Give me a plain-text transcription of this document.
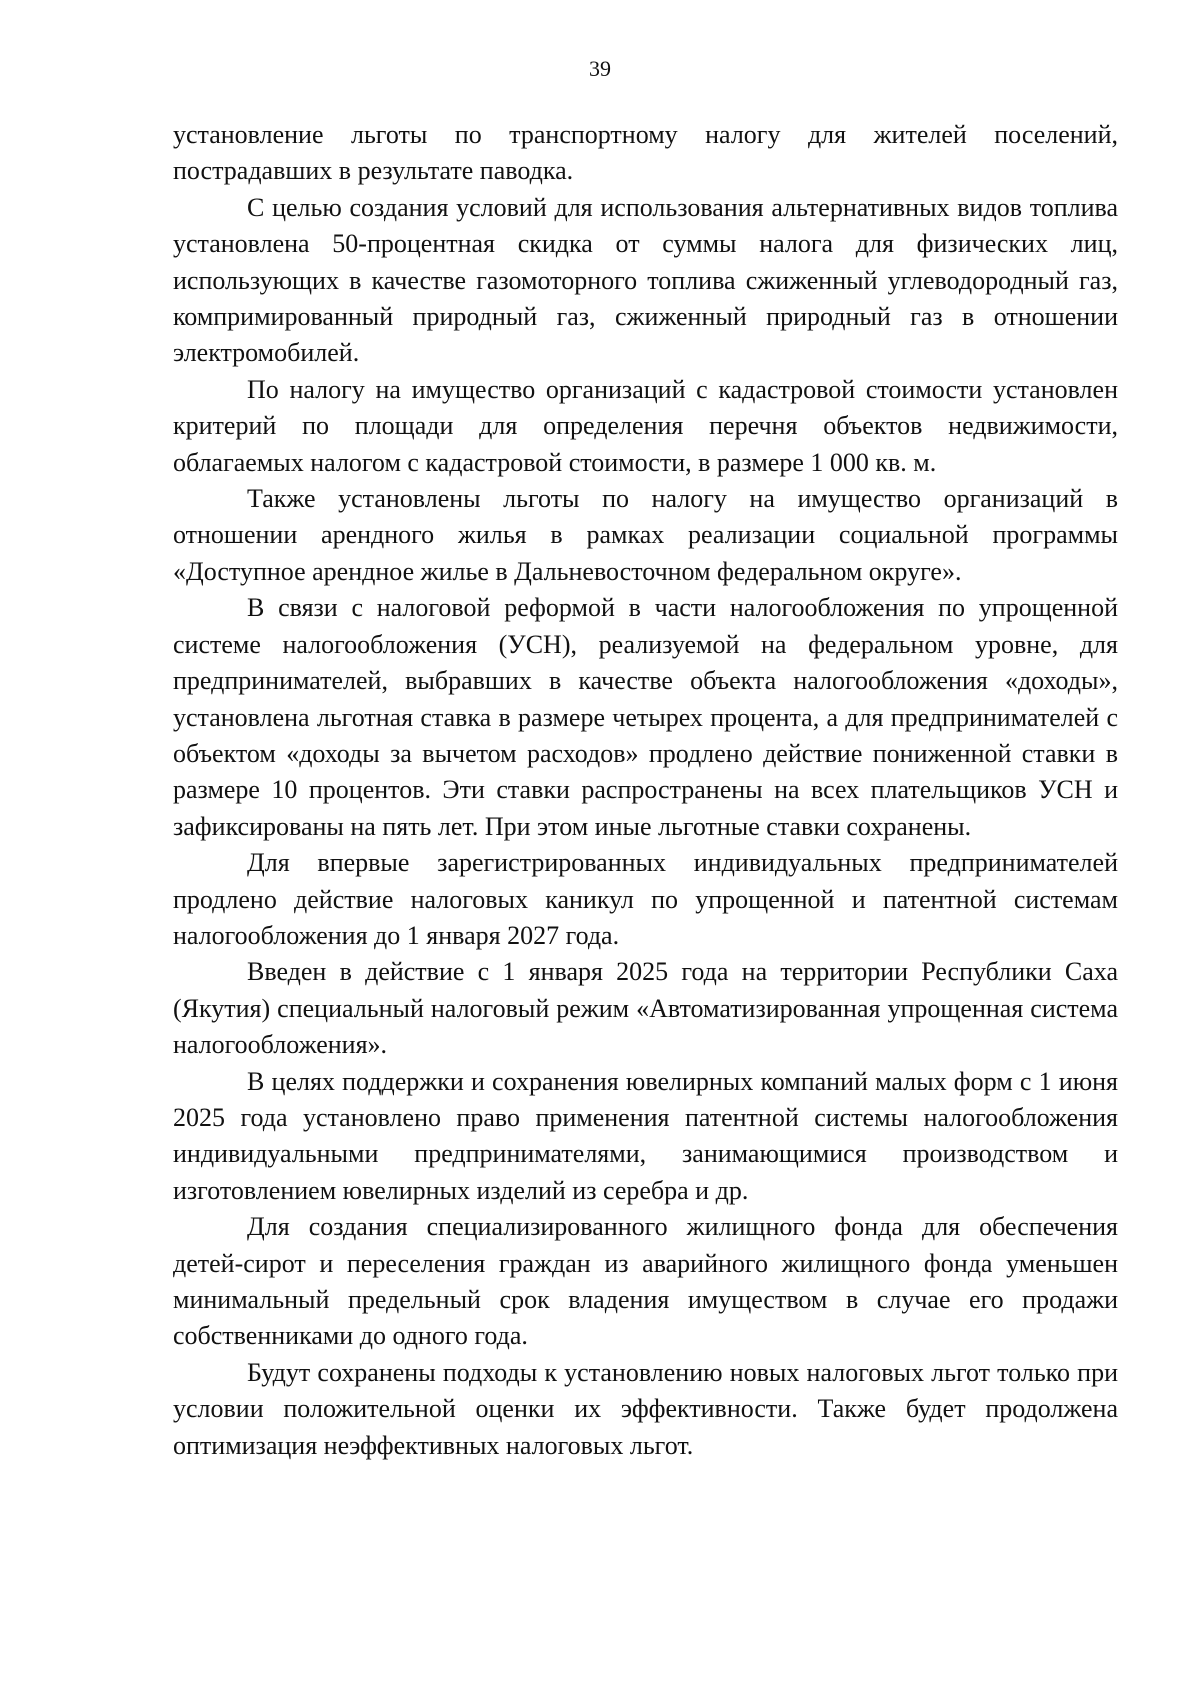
39

установление льготы по транспортному налогу для жителей поселений, пострадавших в результате паводка.

С целью создания условий для использования альтернативных видов топлива установлена 50-процентная скидка от суммы налога для физических лиц, использующих в качестве газомоторного топлива сжиженный углеводородный газ, компримированный природный газ, сжиженный природный газ в отношении электромобилей.

По налогу на имущество организаций с кадастровой стоимости установлен критерий по площади для определения перечня объектов недвижимости, облагаемых налогом с кадастровой стоимости, в размере 1 000 кв. м.

Также установлены льготы по налогу на имущество организаций в отношении арендного жилья в рамках реализации социальной программы «Доступное арендное жилье в Дальневосточном федеральном округе».

В связи с налоговой реформой в части налогообложения по упрощенной системе налогообложения (УСН), реализуемой на федеральном уровне, для предпринимателей, выбравших в качестве объекта налогообложения «доходы», установлена льготная ставка в размере четырех процента, а для предпринимателей с объектом «доходы за вычетом расходов» продлено действие пониженной ставки в размере 10 процентов. Эти ставки распространены на всех плательщиков УСН и зафиксированы на пять лет. При этом иные льготные ставки сохранены.

Для впервые зарегистрированных индивидуальных предпринимателей продлено действие налоговых каникул по упрощенной и патентной системам налогообложения до 1 января 2027 года.

Введен в действие с 1 января 2025 года на территории Республики Саха (Якутия) специальный налоговый режим «Автоматизированная упрощенная система налогообложения».

В целях поддержки и сохранения ювелирных компаний малых форм с 1 июня 2025 года установлено право применения патентной системы налогообложения индивидуальными предпринимателями, занимающимися производством и изготовлением ювелирных изделий из серебра и др.

Для создания специализированного жилищного фонда для обеспечения детей-сирот и переселения граждан из аварийного жилищного фонда уменьшен минимальный предельный срок владения имуществом в случае его продажи собственниками до одного года.

Будут сохранены подходы к установлению новых налоговых льгот только при условии положительной оценки их эффективности. Также будет продолжена оптимизация неэффективных налоговых льгот.
